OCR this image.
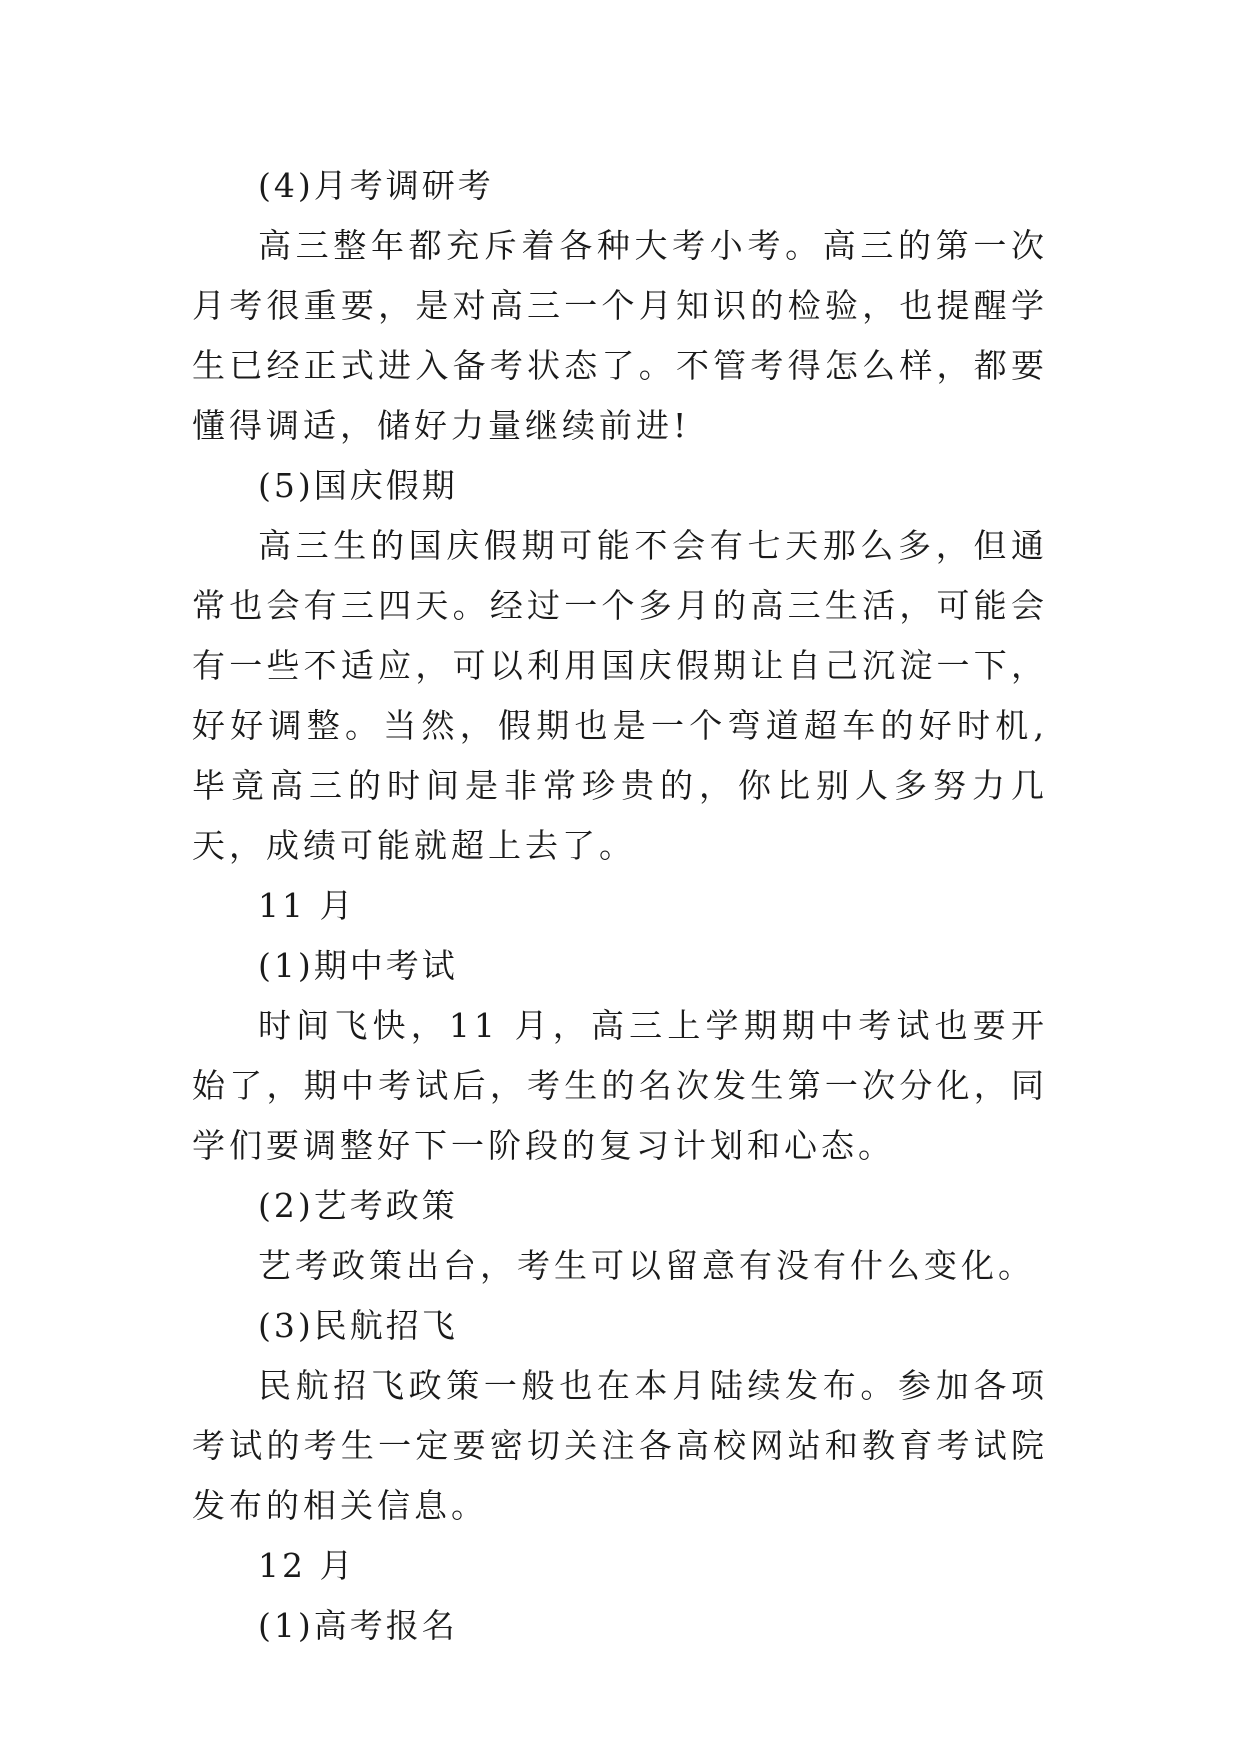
(4)月考调研考

高三整年都充斥着各种大考小考。高三的第一次月考很重要，是对高三一个月知识的检验，也提醒学生已经正式进入备考状态了。不管考得怎么样，都要懂得调适，储好力量继续前进!

(5)国庆假期

高三生的国庆假期可能不会有七天那么多，但通常也会有三四天。经过一个多月的高三生活，可能会有一些不适应，可以利用国庆假期让自己沉淀一下，好好调整。当然，假期也是一个弯道超车的好时机,毕竟高三的时间是非常珍贵的，你比别人多努力几天，成绩可能就超上去了。

11 月

(1)期中考试

时间飞快，11 月，高三上学期期中考试也要开始了，期中考试后，考生的名次发生第一次分化，同学们要调整好下一阶段的复习计划和心态。

(2)艺考政策

艺考政策出台，考生可以留意有没有什么变化。

(3)民航招飞

民航招飞政策一般也在本月陆续发布。参加各项考试的考生一定要密切关注各高校网站和教育考试院发布的相关信息。

12 月

(1)高考报名
